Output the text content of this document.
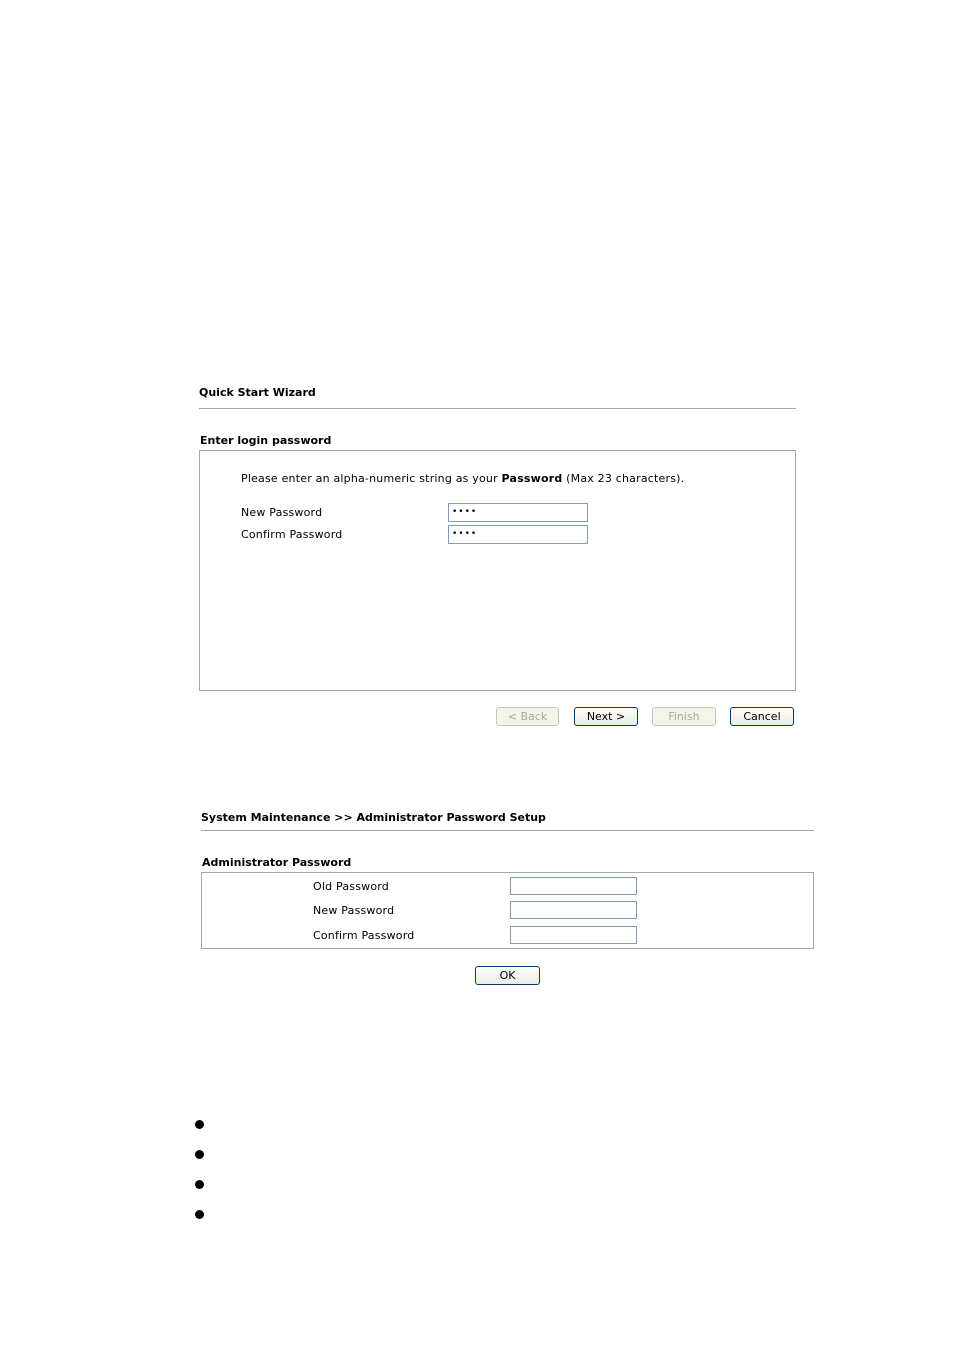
Quick Start Wizard
Enter login password
Please enter an alpha-numeric string as your Password (Max 23 characters).
New Password	••••
Confirm Password	••••
< Back	Next >	Finish	Cancel
System Maintenance >> Administrator Password Setup
Administrator Password
Old Password
New Password
Confirm Password
OK
